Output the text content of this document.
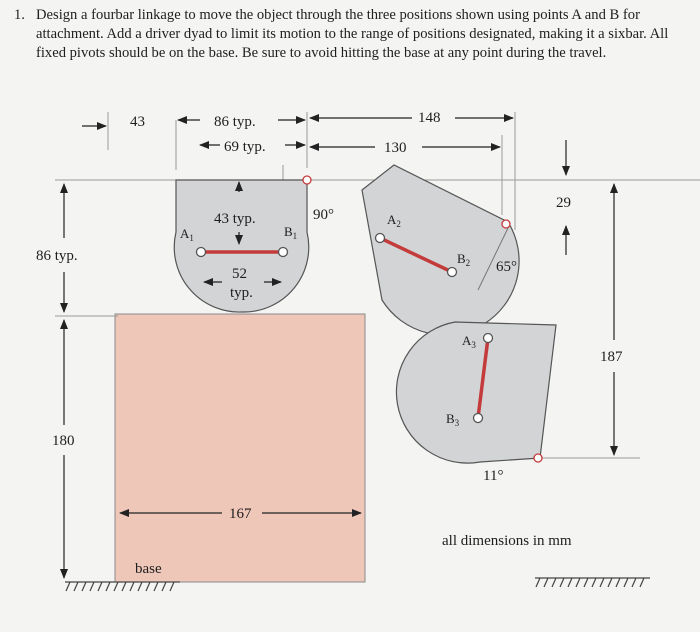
1. Design a fourbar linkage to move the object through the three positions shown using points A and B for attachment. Add a driver dyad to limit its motion to the range of positions designated, making it a sixbar. All fixed pivots should be on the base. Be sure to avoid hitting the base at any point during the travel.
43	86 typ.
69 typ.
148
130
86 typ.
43 typ.
52
typ.
90°
65°
29
187
180
167
11°
$A_1$	$B_1$
$A_2$
$B_2$
$A_3$
$B_3$
base
all dimensions in mm
